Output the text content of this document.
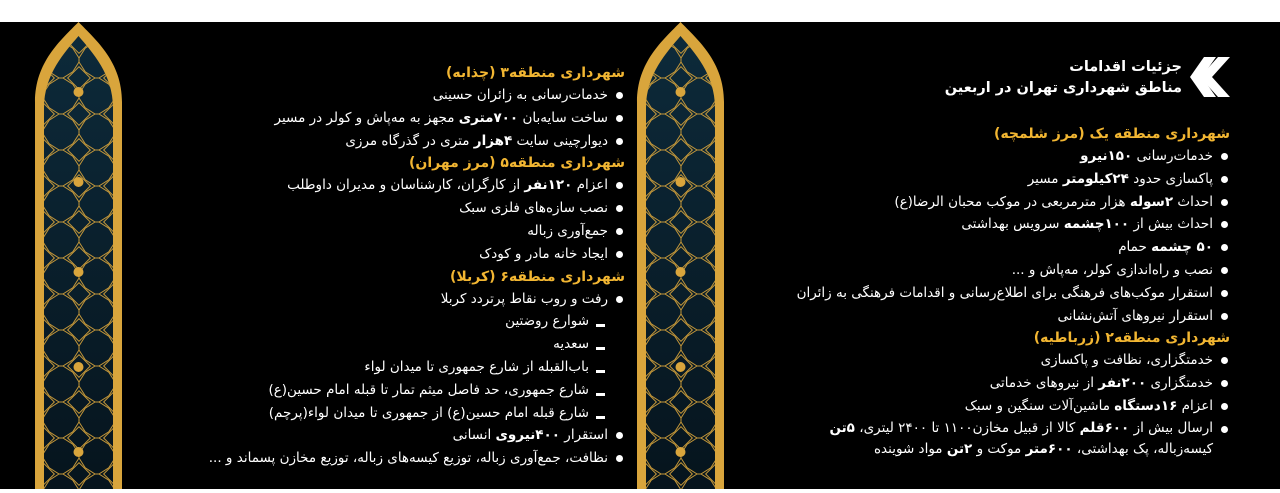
جزئیات اقدامات
مناطق شهرداری تهران در اربعین
شهرداری منطقه یک (مرز شلمچه)
خدمات‌رسانی ۱۵۰نیرو
پاکسازی حدود ۲۴کیلومتر مسیر
احداث ۲سوله هزار مترمربعی در موکب محبان الرضا(ع)
احداث بیش از ۱۰۰چشمه سرویس بهداشتی
۵۰ چشمه حمام
نصب و راه‌اندازی کولر، مه‌پاش و ...
استقرار موکب‌های فرهنگی برای اطلاع‌رسانی و اقدامات فرهنگی به زائران
استقرار نیروهای آتش‌نشانی
شهرداری منطقه۲ (زرباطیه)
خدمتگزاری، نظافت و پاکسازی
خدمتگزاری ۲۰۰نفر از نیروهای خدماتی
اعزام ۱۶دستگاه ماشین‌آلات سنگین و سبک
ارسال بیش از ۶۰۰قلم کالا از قبیل مخازن۱۱۰۰ تا ۲۴۰۰ لیتری، ۵تن کیسه‌زباله، پک بهداشتی، ۶۰۰متر موکت و ۲تن مواد شوینده
شهرداری منطقه۳ (چذابه)
خدمات‌رسانی به زائران حسینی
ساخت سایه‌بان ۷۰۰متری مجهز به مه‌پاش و کولر در مسیر
دیوارچینی سایت ۴هزار متری در گذرگاه مرزی
شهرداری منطقه۵ (مرز مهران)
اعزام ۱۲۰نفر از کارگران، کارشناسان و مدیران داوطلب
نصب سازه‌های فلزی سبک
جمع‌آوری زباله
ایجاد خانه مادر و کودک
شهرداری منطقه۶ (کربلا)
رفت و روب نقاط پرتردد کربلا
شوارع روضتین
سعدیه
باب‌القبله از شارع جمهوری تا میدان لواء
شارع جمهوری، حد فاصل میثم تمار تا قبله امام حسین(ع)
شارع قبله امام حسین(ع) از جمهوری تا میدان لواء(پرچم)
استقرار ۴۰۰نیروی انسانی
نظافت، جمع‌آوری زباله، توزیع کیسه‌های زباله، توزیع مخازن پسماند و ...
